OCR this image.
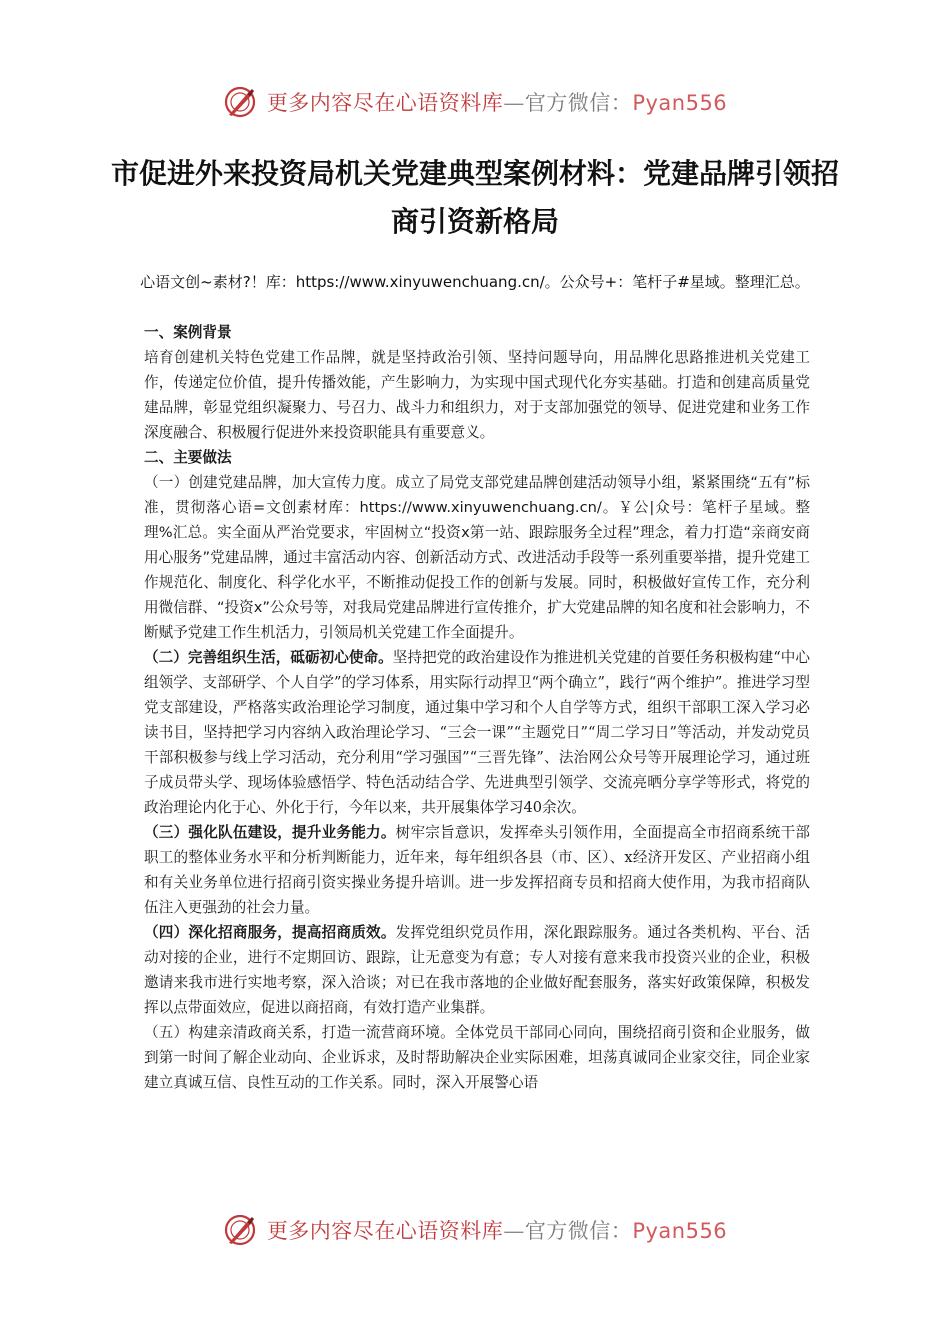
更多内容尽在心语资料库—官方微信：Pyan556
市促进外来投资局机关党建典型案例材料：党建品牌引领招商引资新格局
心语文创~素材?！库：https://www.xinyuwenchuang.cn/。公众号+：笔杆子#星域。整理汇总。

一、案例背景

培育创建机关特色党建工作品牌，就是坚持政治引领、坚持问题导向，用品牌化思路推进机关党建工作，传递定位价值，提升传播效能，产生影响力，为实现中国式现代化夯实基础。打造和创建高质量党建品牌，彰显党组织凝聚力、号召力、战斗力和组织力，对于支部加强党的领导、促进党建和业务工作深度融合、积极履行促进外来投资职能具有重要意义。

二、主要做法

（一）创建党建品牌，加大宣传力度。成立了局党支部党建品牌创建活动领导小组，紧紧围绕“五有”标准，贯彻落心语=文创素材库：https://www.xinyuwenchuang.cn/。￥公|众号：笔杆子星域。整理%汇总。实全面从严治党要求，牢固树立“投资x第一站、跟踪服务全过程”理念，着力打造“亲商安商用心服务”党建品牌，通过丰富活动内容、创新活动方式、改进活动手段等一系列重要举措，提升党建工作规范化、制度化、科学化水平，不断推动促投工作的创新与发展。同时，积极做好宣传工作，充分利用微信群、“投资x”公众号等，对我局党建品牌进行宣传推介，扩大党建品牌的知名度和社会影响力，不断赋予党建工作生机活力，引领局机关党建工作全面提升。

（二）完善组织生活，砥砺初心使命。坚持把党的政治建设作为推进机关党建的首要任务积极构建“中心组领学、支部研学、个人自学”的学习体系，用实际行动捍卫“两个确立”，践行“两个维护”。推进学习型党支部建设，严格落实政治理论学习制度，通过集中学习和个人自学等方式，组织干部职工深入学习必读书目，坚持把学习内容纳入政治理论学习、“三会一课”“主题党日”“周二学习日”等活动，并发动党员干部积极参与线上学习活动，充分利用“学习强国”“三晋先锋”、法治网公众号等开展理论学习，通过班子成员带头学、现场体验感悟学、特色活动结合学、先进典型引领学、交流亮晒分享学等形式，将党的政治理论内化于心、外化于行，今年以来，共开展集体学习40余次。

（三）强化队伍建设，提升业务能力。树牢宗旨意识，发挥牵头引领作用，全面提高全市招商系统干部职工的整体业务水平和分析判断能力，近年来，每年组织各县（市、区）、x经济开发区、产业招商小组和有关业务单位进行招商引资实操业务提升培训。进一步发挥招商专员和招商大使作用，为我市招商队伍注入更强劲的社会力量。

（四）深化招商服务，提高招商质效。发挥党组织党员作用，深化跟踪服务。通过各类机构、平台、活动对接的企业，进行不定期回访、跟踪，让无意变为有意；专人对接有意来我市投资兴业的企业，积极邀请来我市进行实地考察，深入洽谈；对已在我市落地的企业做好配套服务，落实好政策保障，积极发挥以点带面效应，促进以商招商，有效打造产业集群。

（五）构建亲清政商关系，打造一流营商环境。全体党员干部同心同向，围绕招商引资和企业服务，做到第一时间了解企业动向、企业诉求，及时帮助解决企业实际困难，坦荡真诚同企业家交往，同企业家建立真诚互信、良性互动的工作关系。同时，深入开展警心语

更多内容尽在心语资料库—官方微信：Pyan556
